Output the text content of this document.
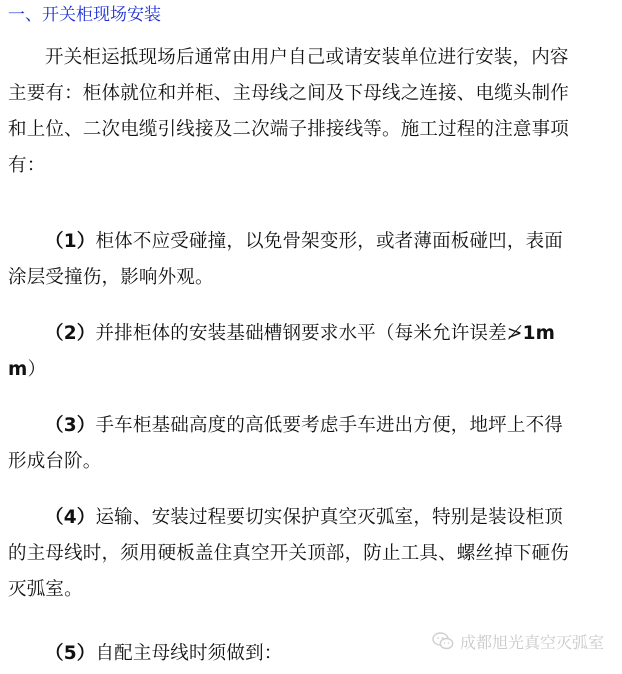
一、开关柜现场安装
开关柜运抵现场后通常由用户自己或请安装单位进行安装，内容
主要有：柜体就位和并柜、主母线之间及下母线之连接、电缆头制作
和上位、二次电缆引线接及二次端子排接线等。施工过程的注意事项
有：
（1）柜体不应受碰撞，以免骨架变形，或者薄面板碰凹，表面
涂层受撞伤，影响外观。
（2）并排柜体的安装基础槽钢要求水平（每米允许误差≯1m
m）
（3）手车柜基础高度的高低要考虑手车进出方便，地坪上不得
形成台阶。
（4）运输、安装过程要切实保护真空灭弧室，特别是装设柜顶
的主母线时，须用硬板盖住真空开关顶部，防止工具、螺丝掉下砸伤
灭弧室。
（5）自配主母线时须做到：
成都旭光真空灭弧室
